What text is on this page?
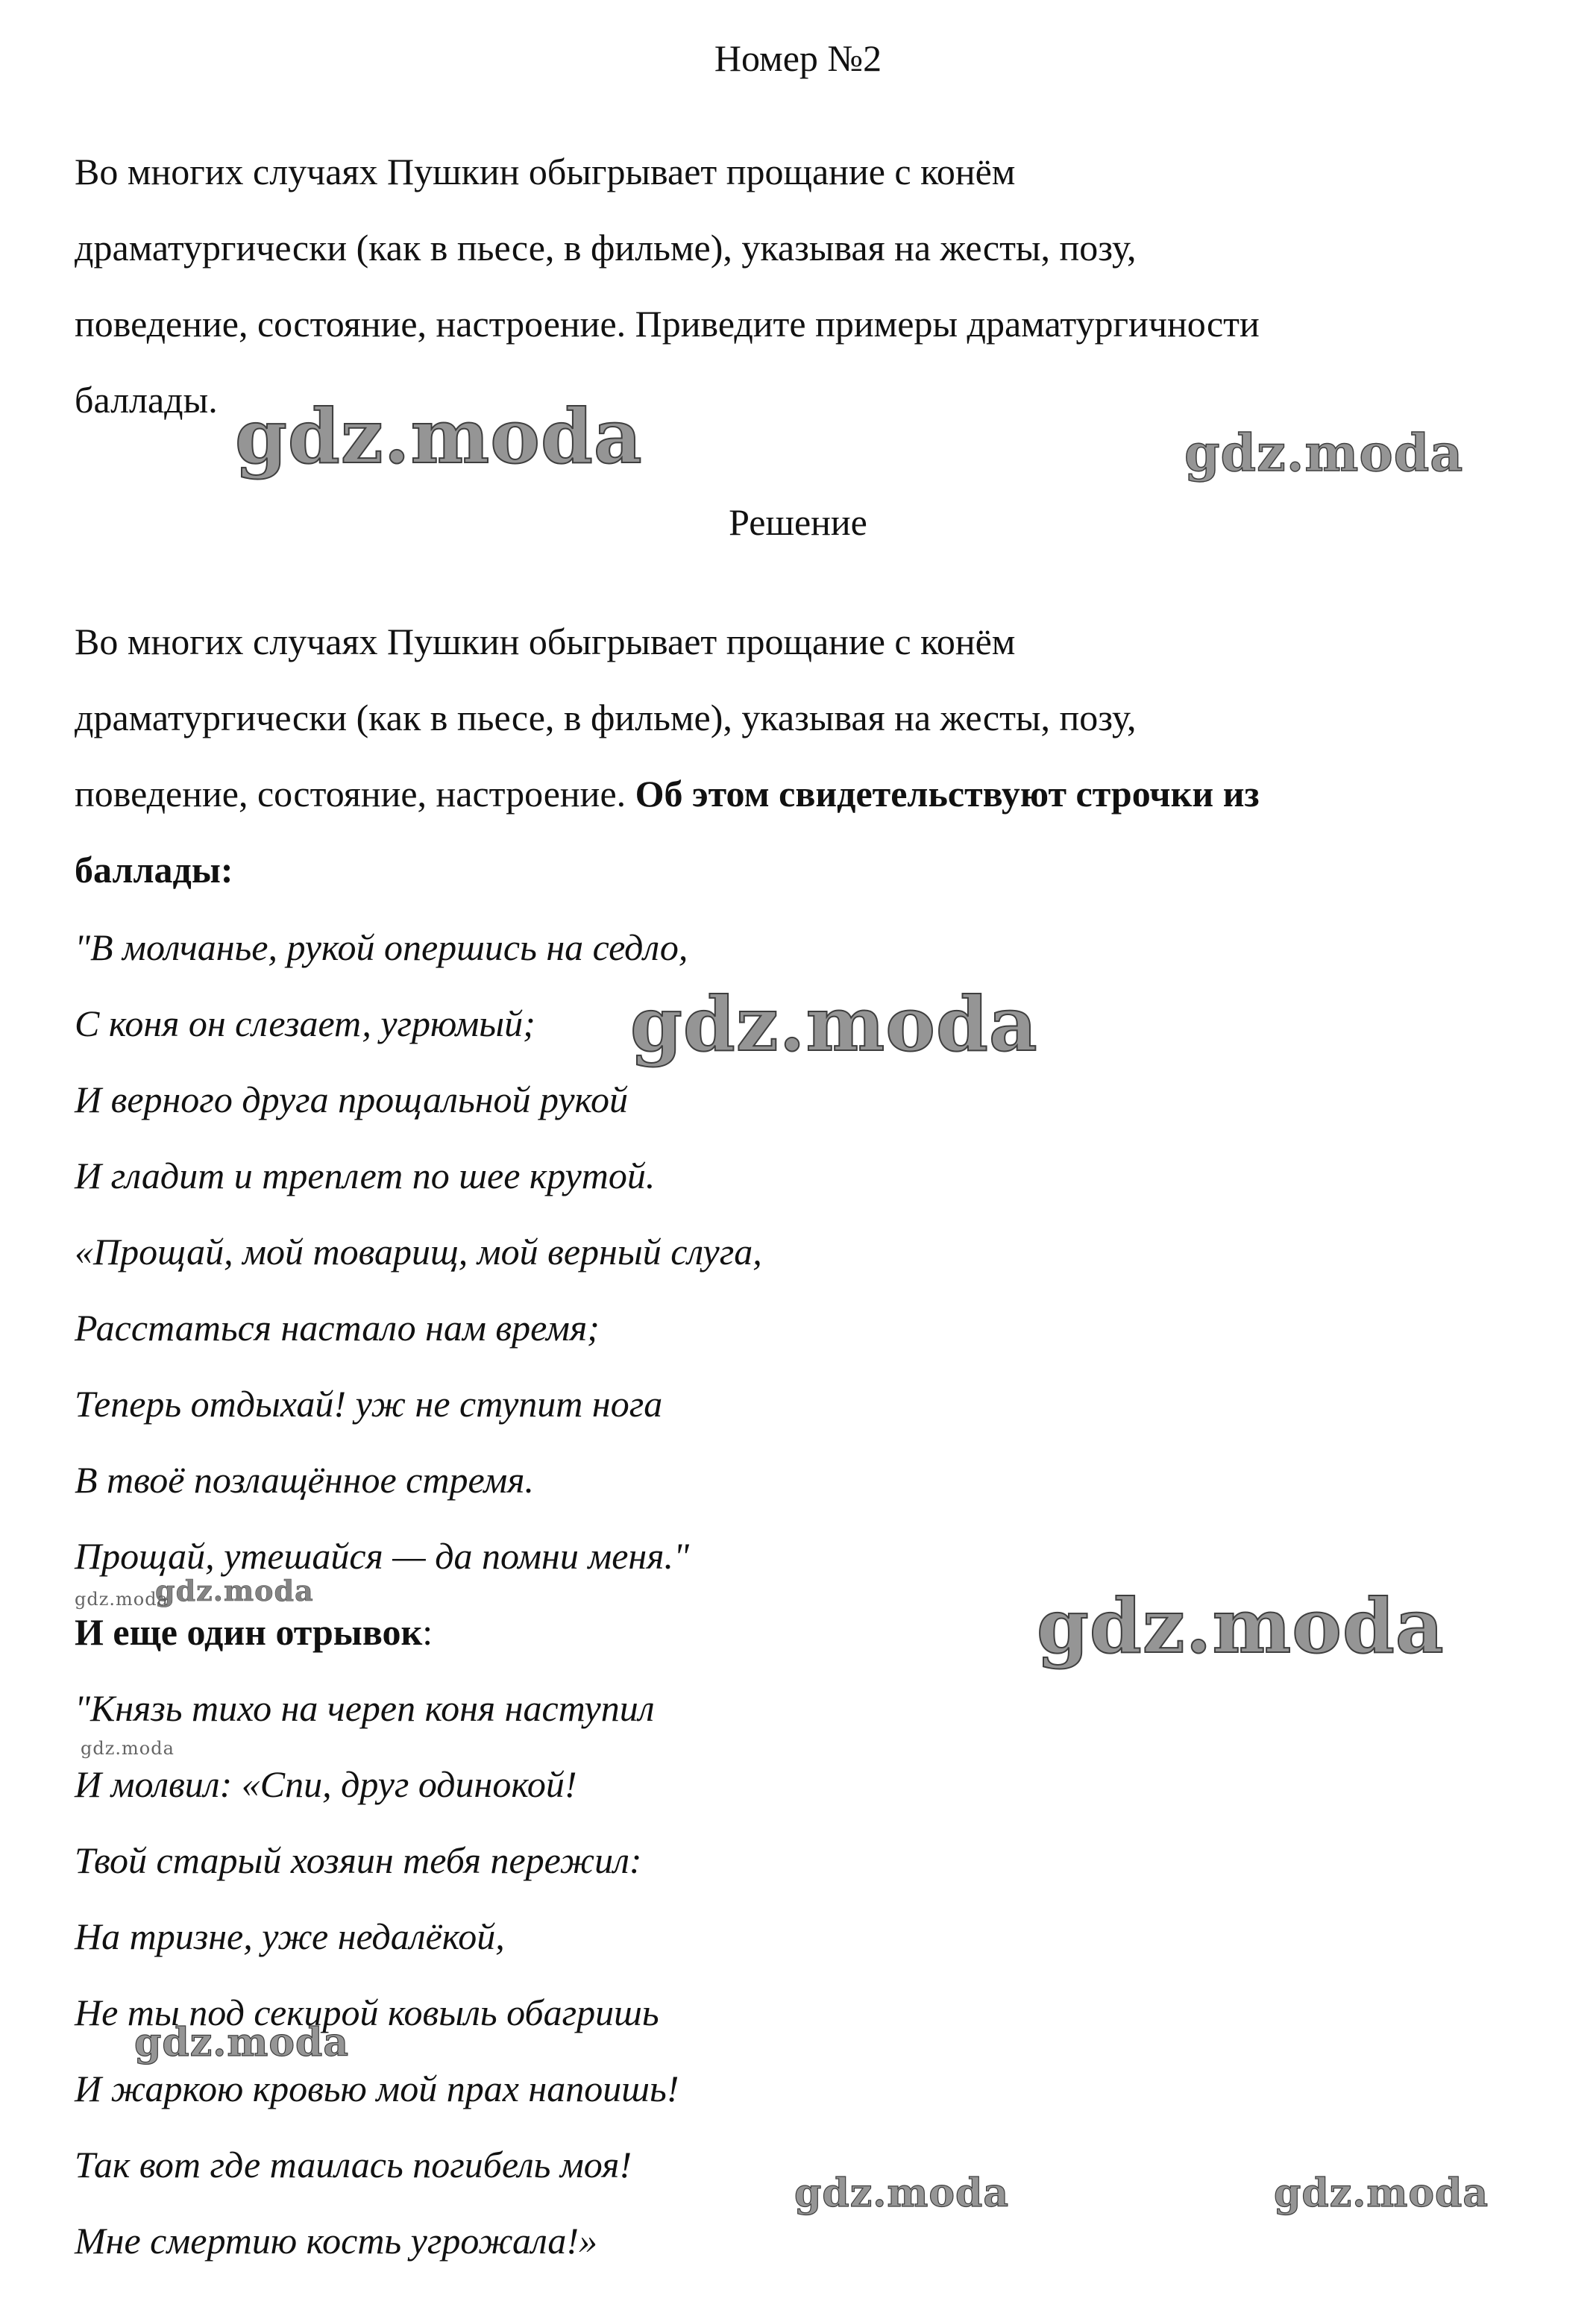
Номер №2
Во многих случаях Пушкин обыгрывает прощание с конём
драматургически (как в пьесе, в фильме), указывая на жесты, позу,
поведение, состояние, настроение. Приведите примеры драматургичности
баллады.
Решение
Во многих случаях Пушкин обыгрывает прощание с конём
драматургически (как в пьесе, в фильме), указывая на жесты, позу,
поведение, состояние, настроение. Об этом свидетельствуют строчки из
баллады:
"В молчанье, рукой опершись на седло,
С коня он слезает, угрюмый;
И верного друга прощальной рукой
И гладит и треплет по шее крутой.
«Прощай, мой товарищ, мой верный слуга,
Расстаться настало нам время;
Теперь отдыхай! уж не ступит нога
В твоё позлащённое стремя.
Прощай, утешайся — да помни меня."
И еще один отрывок:
"Князь тихо на череп коня наступил
И молвил: «Спи, друг одинокой!
Твой старый хозяин тебя пережил:
На тризне, уже недалёкой,
Не ты под секирой ковыль обагришь
И жаркою кровью мой прах напоишь!
Так вот где таилась погибель моя!
Мне смертию кость угрожала!»
gdz.moda	gdz.moda
gdz.moda
gdz.moda
gdz.moda
gdz.moda
gdz.moda
gdz.moda
gdz.moda	gdz.moda
